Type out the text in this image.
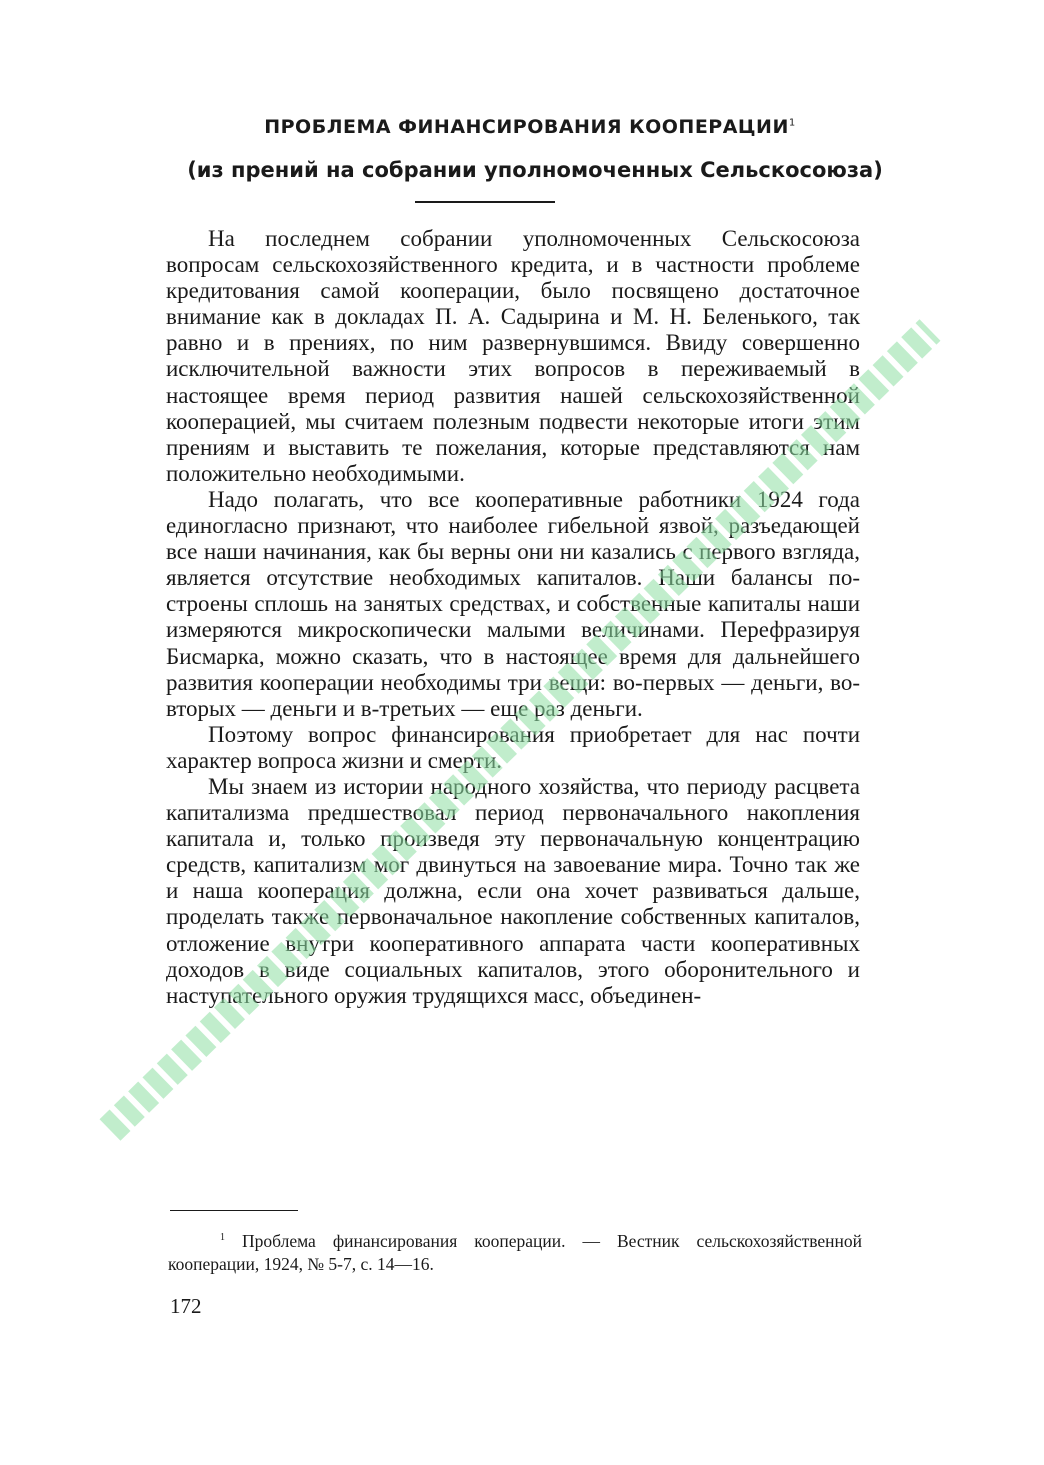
ПРОБЛЕМА ФИНАНСИРОВАНИЯ КООПЕРАЦИИ$^1$
(из прений на собрании уполномоченных Сельскосоюза)

На последнем собрании уполномоченных Сельскосоюза вопросам сельскохозяйственного кредита, и в частности проблеме кредитования самой кооперации, было посвящено достаточное внимание как в докладах П. А. Садырина и М. Н. Беленького, так равно и в прениях, по ним развернувшимся. Ввиду совершенно исключительной важности этих вопросов в переживаемый в настоящее время период развития нашей сельскохозяйственной кооперацией, мы считаем полезным подвести некоторые итоги этим прениям и выставить те пожелания, которые представляются нам положительно необходимыми.

Надо полагать, что все кооперативные работники 1924 года единогласно признают, что наиболее гибельной язвой, разъедающей все наши начинания, как бы верны они ни казались с первого взгляда, является отсутствие необходимых капиталов. Наши балансы построены сплошь на занятых средствах, и собственные капиталы наши измеряются микроскопически малыми величинами. Перефразируя Бисмарка, можно сказать, что в настоящее время для дальнейшего развития кооперации необходимы три вещи: во-первых — деньги, во-вторых — деньги и в-третьих — еще раз деньги.

Поэтому вопрос финансирования приобретает для нас почти характер вопроса жизни и смерти.

Мы знаем из истории народного хозяйства, что периоду расцвета капитализма предшествовал период первоначального накопления капитала и, только произведя эту первоначальную концентрацию средств, капитализм мог двинуться на завоевание мира. Точно так же и наша кооперация должна, если она хочет развиваться дальше, проделать также первоначальное накопление собственных капиталов, отложение внутри кооперативного аппарата части кооперативных доходов в виде социальных капиталов, этого оборонительного и наступательного оружия трудящихся масс, объединен-

$^1$ Проблема финансирования кооперации. — Вестник сельскохозяйственной кооперации, 1924, № 5-7, с. 14—16.
172
